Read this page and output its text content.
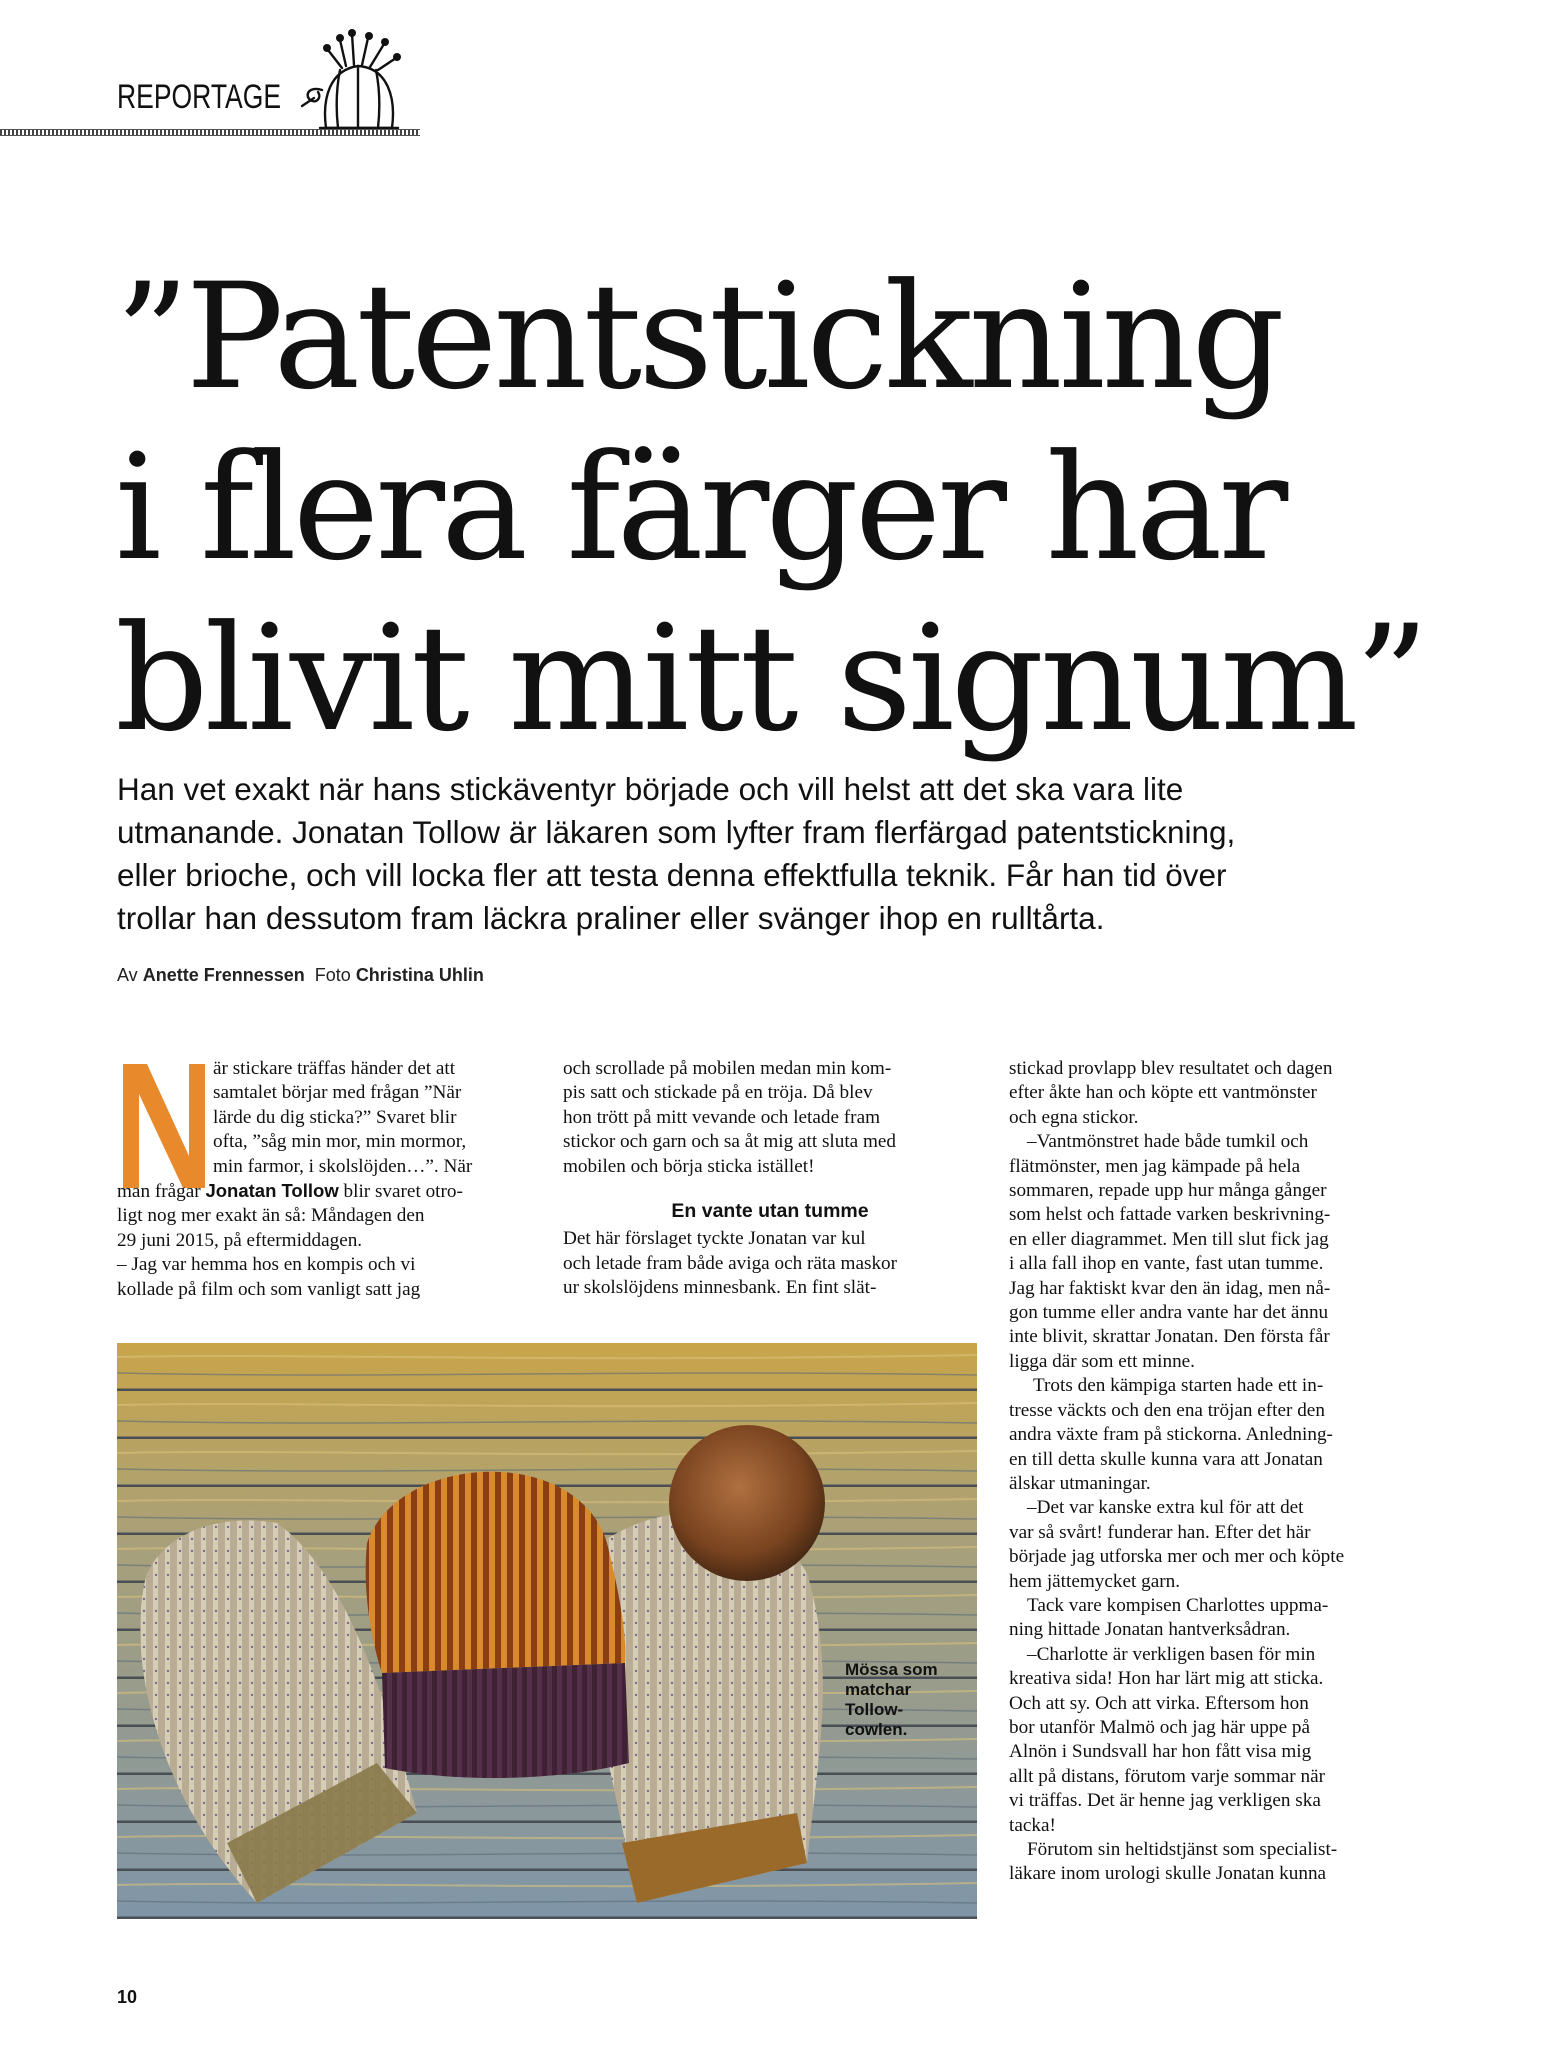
REPORTAGE
”Patentstickning
i flera färger har
blivit mitt signum”
Han vet exakt när hans stickäventyr började och vill helst att det ska vara lite
utmanande. Jonatan Tollow är läkaren som lyfter fram flerfärgad patentstickning,
eller brioche, och vill locka fler att testa denna effektfulla teknik. Får han tid över
trollar han dessutom fram läckra praliner eller svänger ihop en rulltårta.
Av Anette Frennessen Foto Christina Uhlin
är stickare träffas händer det att
samtalet börjar med frågan ”När
lärde du dig sticka?” Svaret blir
ofta, ”såg min mor, min mormor,
min farmor, i skolslöjden…”. När
man frågar Jonatan Tollow blir svaret otro-
ligt nog mer exakt än så: Måndagen den
29 juni 2015, på eftermiddagen.
– Jag var hemma hos en kompis och vi
kollade på film och som vanligt satt jag
och scrollade på mobilen medan min kom-
pis satt och stickade på en tröja. Då blev
hon trött på mitt vevande och letade fram
stickor och garn och sa åt mig att sluta med
mobilen och börja sticka istället!
En vante utan tumme
Det här förslaget tyckte Jonatan var kul
och letade fram både aviga och räta maskor
ur skolslöjdens minnesbank. En fint slät-
stickad provlapp blev resultatet och dagen
efter åkte han och köpte ett vantmönster
och egna stickor.
–Vantmönstret hade både tumkil och
flätmönster, men jag kämpade på hela
sommaren, repade upp hur många gånger
som helst och fattade varken beskrivning-
en eller diagrammet. Men till slut fick jag
i alla fall ihop en vante, fast utan tumme.
Jag har faktiskt kvar den än idag, men nå-
gon tumme eller andra vante har det ännu
inte blivit, skrattar Jonatan. Den första får
ligga där som ett minne.
Trots den kämpiga starten hade ett in-
tresse väckts och den ena tröjan efter den
andra växte fram på stickorna. Anledning-
en till detta skulle kunna vara att Jonatan
älskar utmaningar.
–Det var kanske extra kul för att det
var så svårt! funderar han. Efter det här
började jag utforska mer och mer och köpte
hem jättemycket garn.
Tack vare kompisen Charlottes uppma-
ning hittade Jonatan hantverksådran.
–Charlotte är verkligen basen för min
kreativa sida! Hon har lärt mig att sticka.
Och att sy. Och att virka. Eftersom hon
bor utanför Malmö och jag här uppe på
Alnön i Sundsvall har hon fått visa mig
allt på distans, förutom varje sommar när
vi träffas. Det är henne jag verkligen ska
tacka!
Förutom sin heltidstjänst som specialist-
läkare inom urologi skulle Jonatan kunna
Mössa som
matchar
Tollow-
cowlen.
10
